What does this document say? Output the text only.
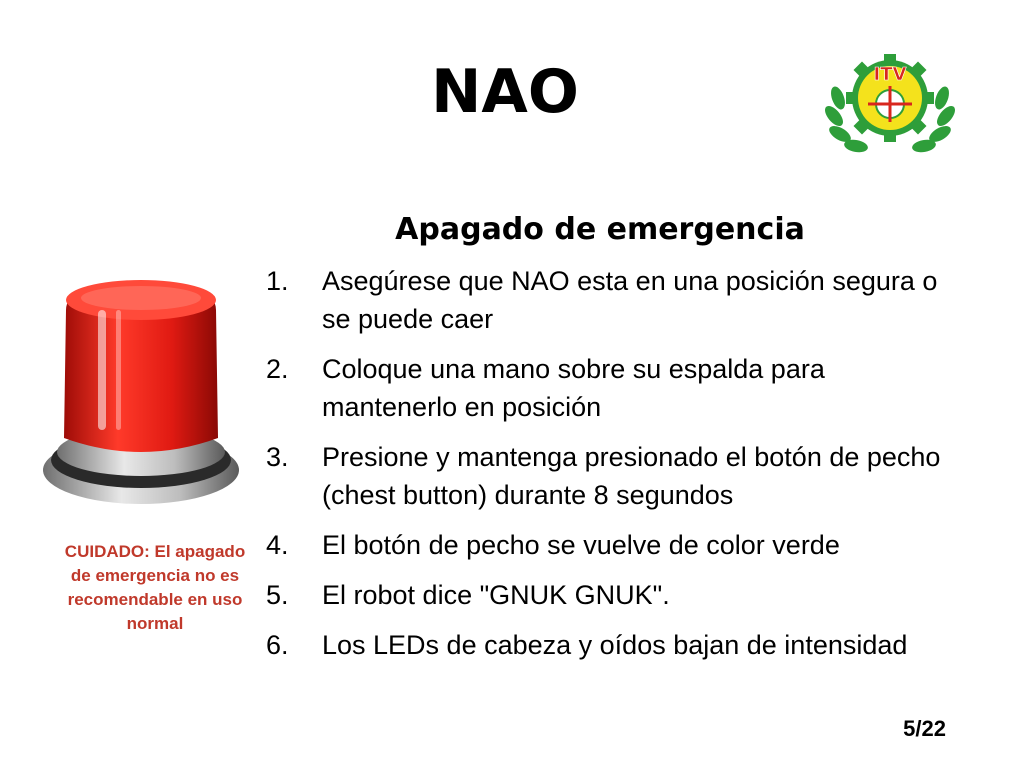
NAO	ITV
CUIDADO: El apagado de emergencia no es recomendable en uso normal
Apagado de emergencia
1. Asegúrese que NAO esta en una posición segura o se puede caer
2. Coloque una mano sobre su espalda para mantenerlo en posición
3. Presione y mantenga presionado el botón de pecho (chest button) durante 8 segundos
4. El botón de pecho se vuelve de color verde
5. El robot dice "GNUK GNUK".
6. Los LEDs de cabeza y oídos bajan de intensidad
5/22
